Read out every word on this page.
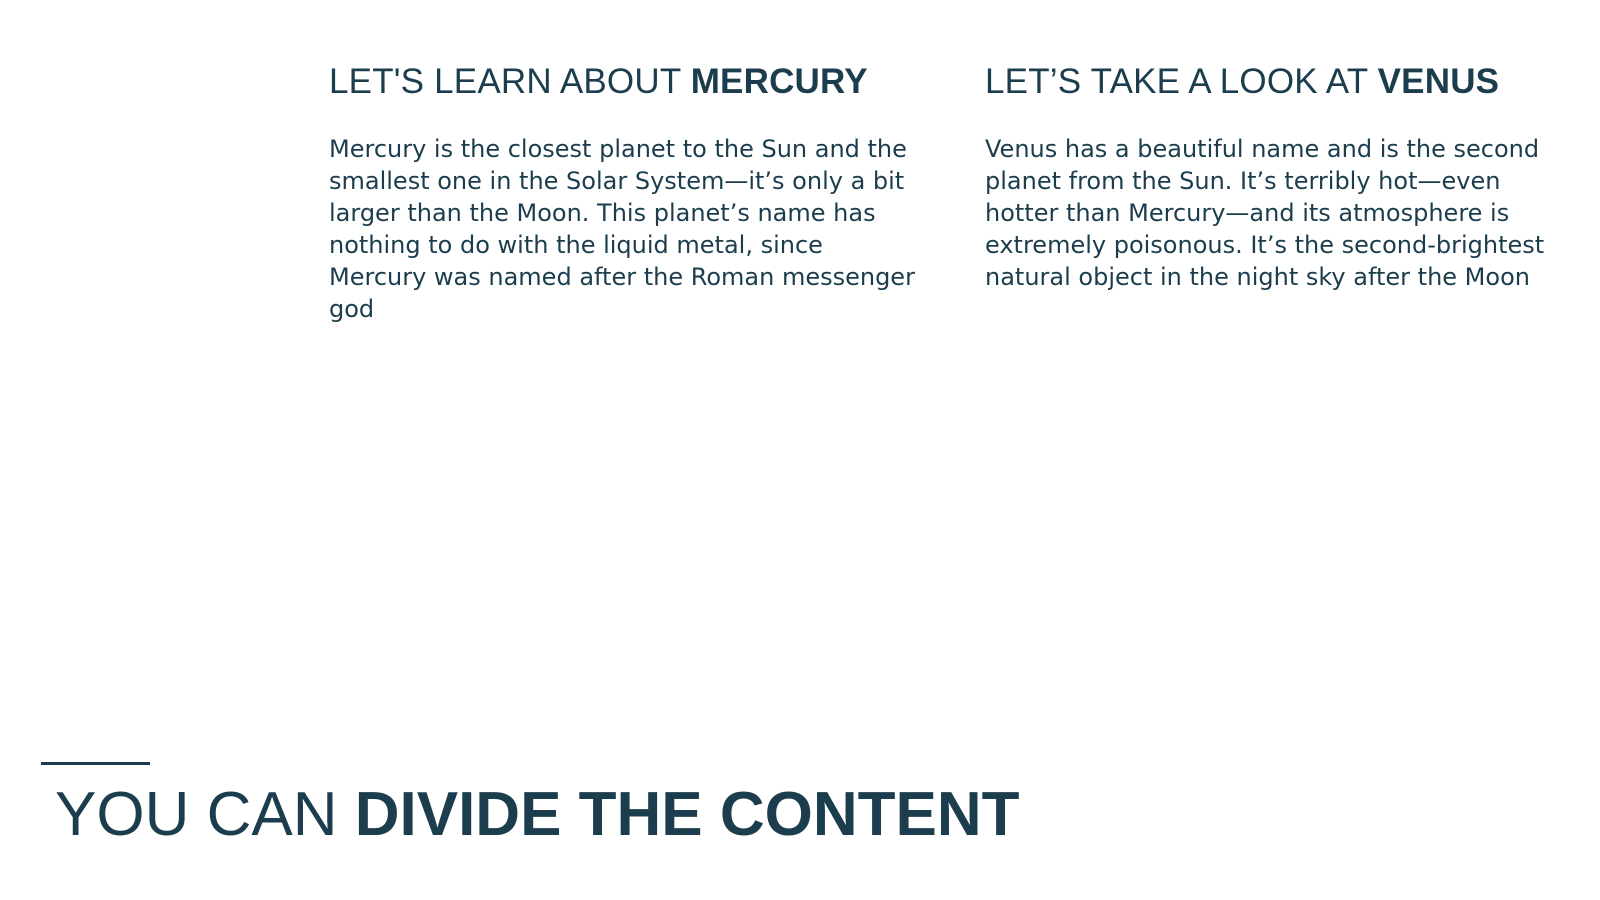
LET'S LEARN ABOUT MERCURY

Mercury is the closest planet to the Sun and the smallest one in the Solar System—it’s only a bit larger than the Moon. This planet’s name has nothing to do with the liquid metal, since Mercury was named after the Roman messenger god

LET’S TAKE A LOOK AT VENUS

Venus has a beautiful name and is the second planet from the Sun. It’s terribly hot—even hotter than Mercury—and its atmosphere is extremely poisonous. It’s the second-brightest natural object in the night sky after the Moon

YOU CAN DIVIDE THE CONTENT
